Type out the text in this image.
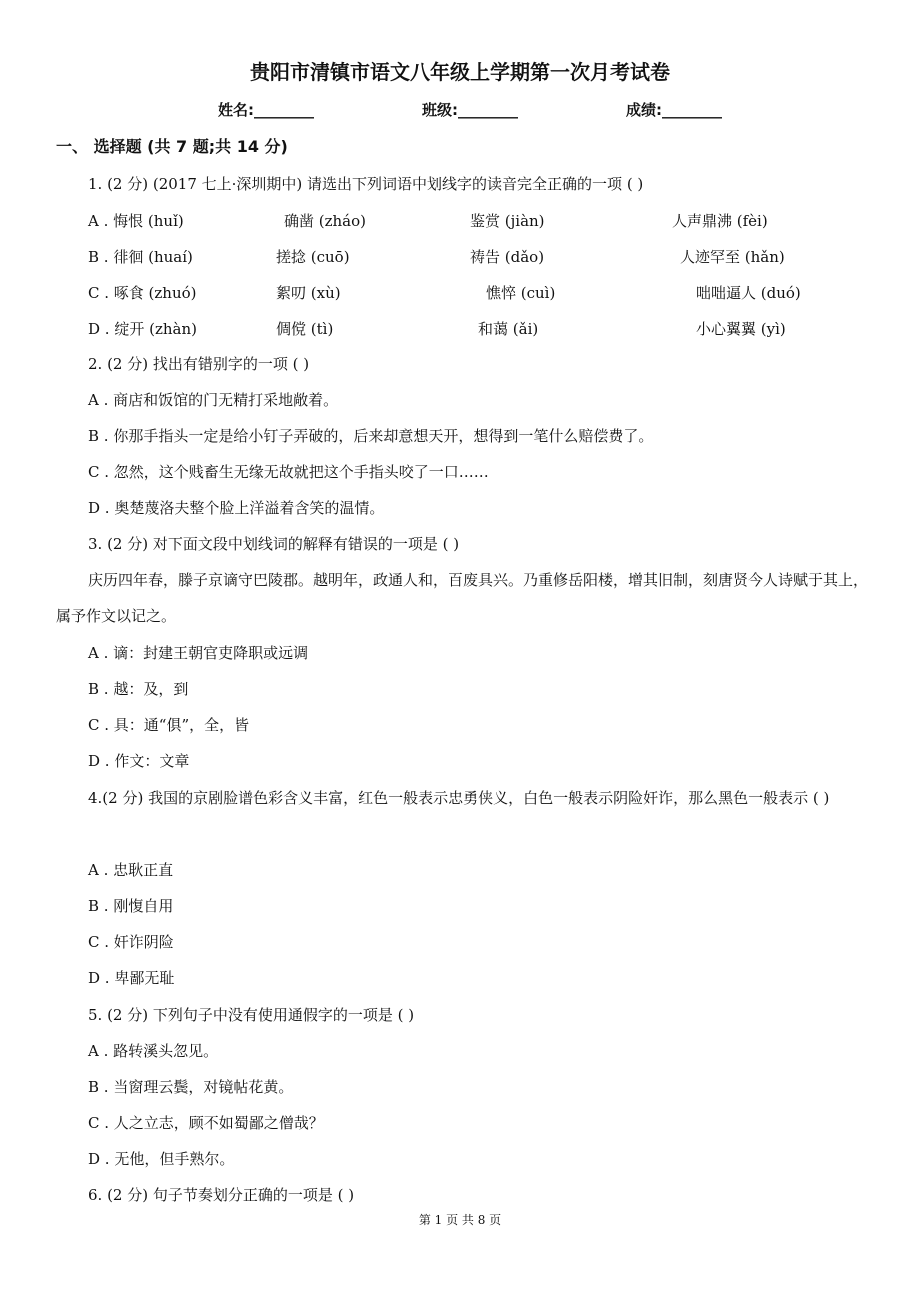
贵阳市清镇市语文八年级上学期第一次月考试卷
姓名:________	班级:________	成绩:________
一、 选择题 (共 7 题;共 14 分)
1. (2 分) (2017 七上·深圳期中) 请选出下列词语中划线字的读音完全正确的一项 ( )
A . 悔恨 (huǐ)	确凿 (zháo)	鉴赏 (jiàn)	人声鼎沸 (fèi)
B . 徘徊 (huaí)	搓捻 (cuō)	祷告 (dǎo)	人迹罕至 (hǎn)
C . 啄食 (zhuó)	絮叨 (xù)	憔悴 (cuì)	咄咄逼人 (duó)
D . 绽开 (zhàn)	倜傥 (tì)	和蔼 (ǎi)	小心翼翼 (yì)
2. (2 分) 找出有错别字的一项 ( )
A . 商店和饭馆的门无精打采地敞着。
B . 你那手指头一定是给小钉子弄破的，后来却意想天开，想得到一笔什么赔偿费了。
C . 忽然，这个贱畜生无缘无故就把这个手指头咬了一口……
D . 奥楚蔑洛夫整个脸上洋溢着含笑的温情。
3. (2 分) 对下面文段中划线词的解释有错误的一项是 ( )
庆历四年春，滕子京谪守巴陵郡。越明年，政通人和，百废具兴。乃重修岳阳楼，增其旧制，刻唐贤今人诗赋于其上，属予作文以记之。
A . 谪：封建王朝官吏降职或远调
B . 越：及，到
C . 具：通“俱”，全，皆
D . 作文：文章
4.(2 分) 我国的京剧脸谱色彩含义丰富，红色一般表示忠勇侠义，白色一般表示阴险奸诈，那么黑色一般表示 ( )
A . 忠耿正直
B . 刚愎自用
C . 奸诈阴险
D . 卑鄙无耻
5. (2 分) 下列句子中没有使用通假字的一项是 ( )
A . 路转溪头忽见。
B . 当窗理云鬓，对镜帖花黄。
C . 人之立志，顾不如蜀鄙之僧哉？
D . 无他，但手熟尔。
6. (2 分) 句子节奏划分正确的一项是 ( )
第 1 页 共 8 页
